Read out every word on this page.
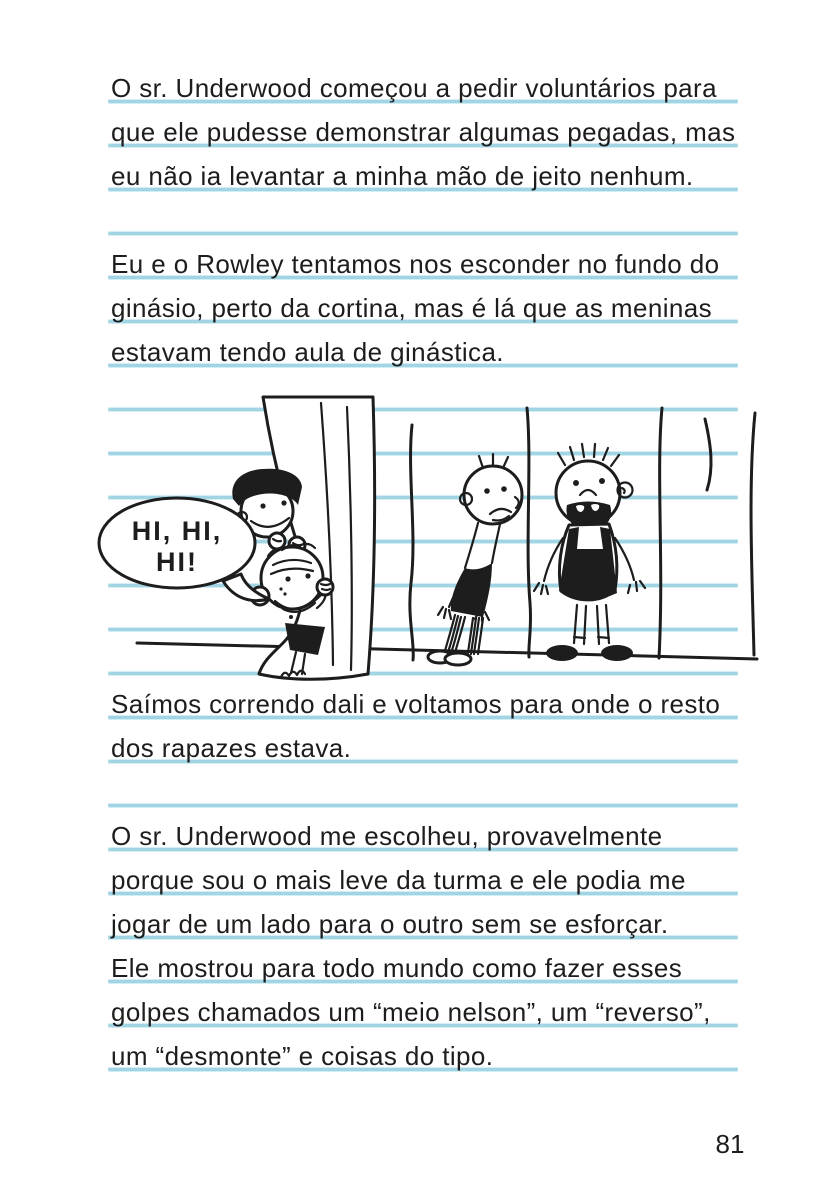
O sr. Underwood começou a pedir voluntários para
que ele pudesse demonstrar algumas pegadas, mas
eu não ia levantar a minha mão de jeito nenhum.
Eu e o Rowley tentamos nos esconder no fundo do
ginásio, perto da cortina, mas é lá que as meninas
estavam tendo aula de ginástica.
HI, HI,
HI!
Saímos correndo dali e voltamos para onde o resto
dos rapazes estava.
O sr. Underwood me escolheu, provavelmente
porque sou o mais leve da turma e ele podia me
jogar de um lado para o outro sem se esforçar.
Ele mostrou para todo mundo como fazer esses
golpes chamados um “meio nelson”, um “reverso”,
um “desmonte” e coisas do tipo.
81
